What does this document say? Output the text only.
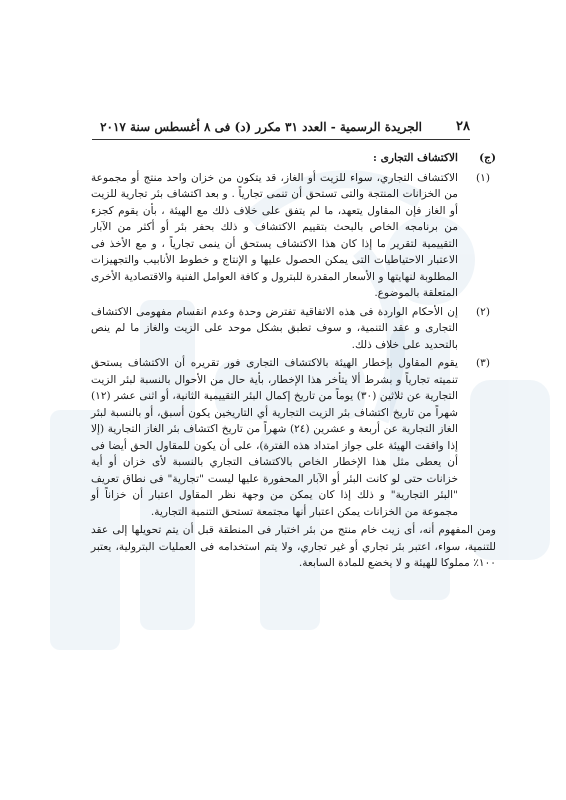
٢٨
الجريدة الرسمية - العدد ٣١ مكرر (د) فى ٨ أغسطس سنة ٢٠١٧
(ج)الاكتشاف التجارى :
(١)
الاكتشاف التجاري، سواء للزيت أو الغاز، قد يتكون من خزان واحد منتج أو مجموعة من الخزانات المنتجة والتى تستحق أن تنمى تجارياً . و بعد اكتشاف بئر تجارية للزيت أو الغاز فإن المقاول يتعهد، ما لم يتفق على خلاف ذلك مع الهيئة ، بأن يقوم كجزء من برنامجه الخاص بالبحث بتقييم الاكتشاف و ذلك بحفر بئر أو أكثر من الآبار التقييمية لتقرير ما إذا كان هذا الاكتشاف يستحق أن ينمى تجارياً ، و مع الأخذ فى الاعتبار الاحتياطيات التى يمكن الحصول عليها و الإنتاج و خطوط الأنابيب والتجهيزات المطلوبة لنهايتها و الأسعار المقدرة للبترول و كافة العوامل الفنية والاقتصادية الأخرى المتعلقة بالموضوع.
(٢)
إن الأحكام الواردة فى هذه الاتفاقية تفترض وحدة وعدم انقسام مفهومى الاكتشاف التجارى و عقد التنمية، و سوف تطبق بشكل موحد على الزيت والغاز ما لم ينص بالتحديد على خلاف ذلك.
(٣)
يقوم المقاول بإخطار الهيئة بالاكتشاف التجارى فور تقريره أن الاكتشاف يستحق تنميته تجارياً و بشرط ألا يتأخر هذا الإخطار، بأية حال من الأحوال بالنسبة لبئر الزيت التجارية عن ثلاثين (٣٠) يوماً من تاريخ إكمال البئر التقييمية الثانية، أو اثنى عشر (١٢) شهراً من تاريخ اكتشاف بئر الزيت التجارية أي التاريخين يكون أسبق، أو بالنسبة لبئر الغاز التجارية عن أربعة و عشرين (٢٤) شهراً من تاريخ اكتشاف بئر الغاز التجارية (إلا إذا وافقت الهيئة على جواز امتداد هذه الفترة)، على أن يكون للمقاول الحق أيضا فى أن يعطى مثل هذا الإخطار الخاص بالاكتشاف التجاري بالنسبة لأى خزان أو أية خزانات حتى لو كانت البئر أو الآبار المحفورة عليها ليست "تجارية" فى نطاق تعريف "البئر التجارية" و ذلك إذا كان يمكن من وجهة نظر المقاول اعتبار أن خزاناً أو مجموعة من الخزانات يمكن اعتبار أنها مجتمعة تستحق التنمية التجارية.
ومن المفهوم أنه، أى زيت خام منتج من بئر اختبار فى المنطقة قبل أن يتم تحويلها إلى عقد للتنمية، سواء، اعتبر بئر تجاري أو غير تجاري، ولا يتم استخدامه فى العمليات البترولية، يعتبر ١٠٠٪ مملوكا للهيئة و لا يخضع للمادة السابعة.
